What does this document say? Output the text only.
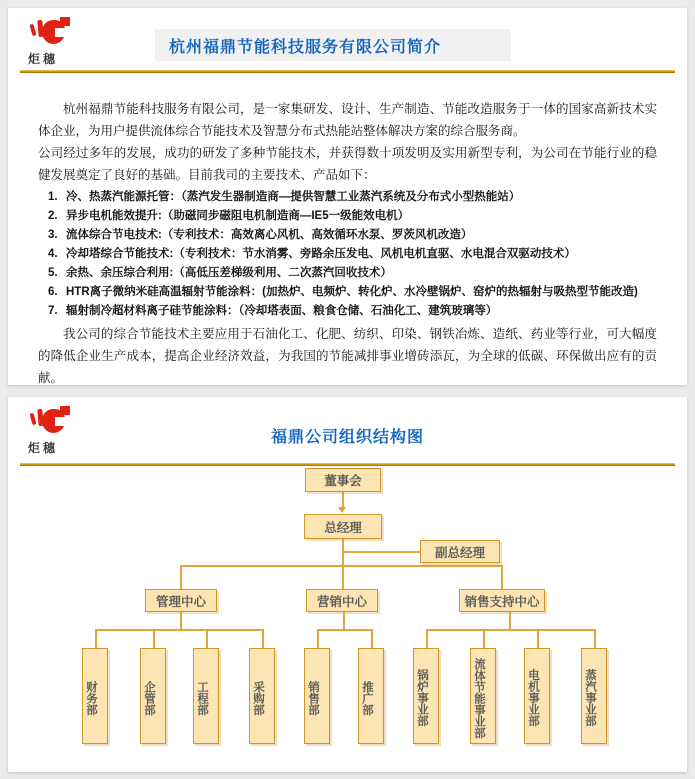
炬穗
杭州福鼎节能科技服务有限公司简介

杭州福鼎节能科技服务有限公司，是一家集研发、设计、生产制造、节能改造服务于一体的国家高新技术实体企业，为用户提供流体综合节能技术及智慧分布式热能站整体解决方案的综合服务商。

公司经过多年的发展，成功的研发了多种节能技术，并获得数十项发明及实用新型专利，为公司在节能行业的稳健发展奠定了良好的基础。目前我司的主要技术、产品如下：

1. 冷、热蒸汽能源托管：（蒸汽发生器制造商—提供智慧工业蒸汽系统及分布式小型热能站）
2. 异步电机能效提升:（助磁同步磁阻电机制造商—IE5一级能效电机）
3. 流体综合节电技术:（专利技术：高效离心风机、高效循环水泵、罗茨风机改造）
4. 冷却塔综合节能技术:（专利技术：节水消雾、旁路余压发电、风机电机直驱、水电混合双驱动技术）
5. 余热、余压综合利用:（高低压差梯级利用、二次蒸汽回收技术）
6. HTR离子微纳米硅高温辐射节能涂料：(加热炉、电频炉、转化炉、水冷壁锅炉、窑炉的热辐射与吸热型节能改造)
7. 辐射制冷超材料离子硅节能涂料：（冷却塔表面、粮食仓储、石油化工、建筑玻璃等）

我公司的综合节能技术主要应用于石油化工、化肥、纺织、印染、钢铁冶炼、造纸、药业等行业，可大幅度的降低企业生产成本，提高企业经济效益，为我国的节能减排事业增砖添瓦，为全球的低碳、环保做出应有的贡献。

炬穗
福鼎公司组织结构图
董事会
总经理
副总经理
管理中心	营销中心	销售支持中心
财务部	企管部	工程部	采购部	销售部	推广部	锅炉事业部	流体节能事业部	电机事业部	蒸汽事业部
